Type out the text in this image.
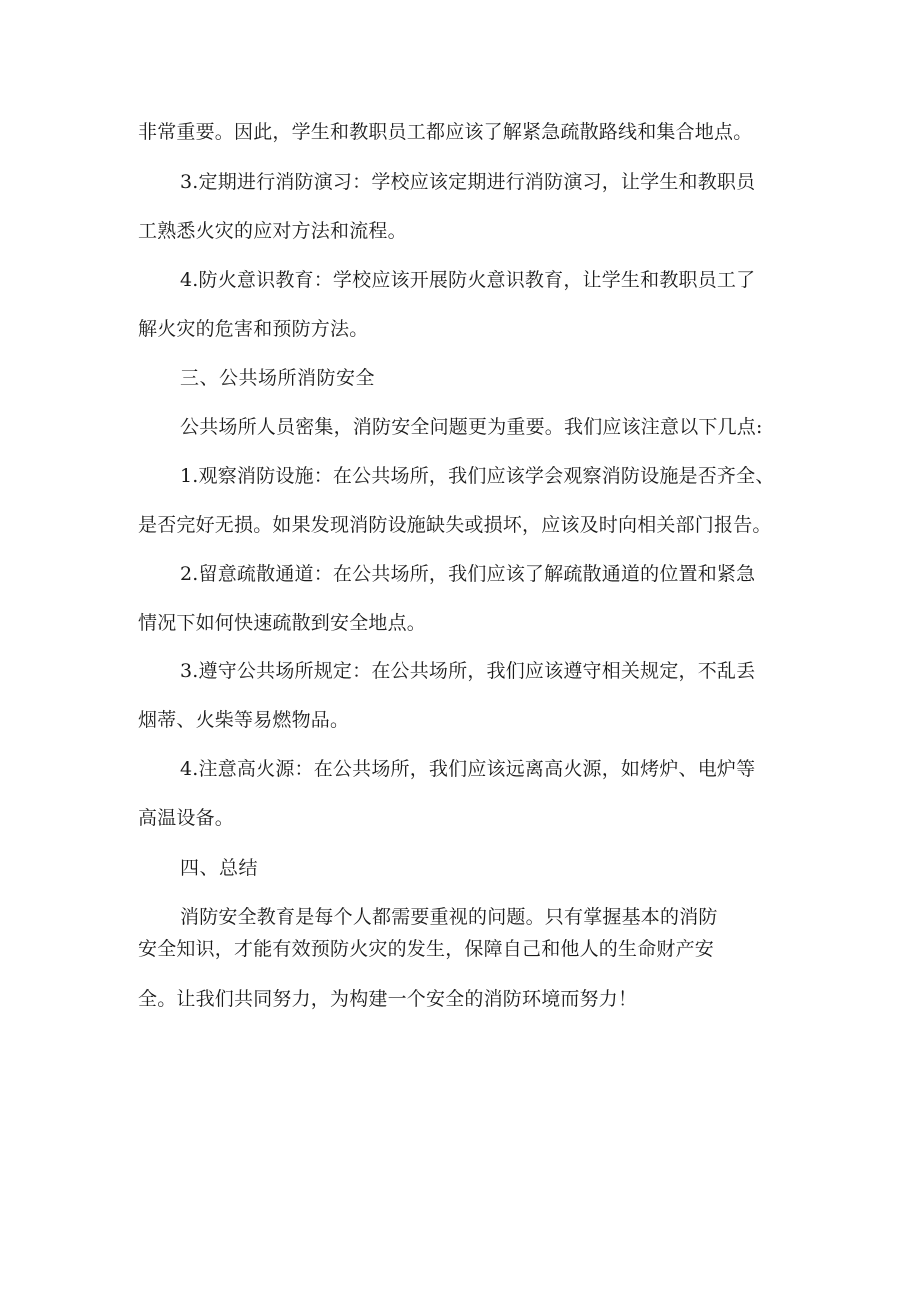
非常重要。因此，学生和教职员工都应该了解紧急疏散路线和集合地点。
3.定期进行消防演习：学校应该定期进行消防演习，让学生和教职员
工熟悉火灾的应对方法和流程。
4.防火意识教育：学校应该开展防火意识教育，让学生和教职员工了
解火灾的危害和预防方法。
三、公共场所消防安全
公共场所人员密集，消防安全问题更为重要。我们应该注意以下几点:
1.观察消防设施：在公共场所，我们应该学会观察消防设施是否齐全、
是否完好无损。如果发现消防设施缺失或损坏，应该及时向相关部门报告。
2.留意疏散通道：在公共场所，我们应该了解疏散通道的位置和紧急
情况下如何快速疏散到安全地点。
3.遵守公共场所规定：在公共场所，我们应该遵守相关规定，不乱丢
烟蒂、火柴等易燃物品。
4.注意高火源：在公共场所，我们应该远离高火源，如烤炉、电炉等
高温设备。
四、总结
消防安全教育是每个人都需要重视的问题。只有掌握基本的消防
安全知识，才能有效预防火灾的发生，保障自己和他人的生命财产安
全。让我们共同努力，为构建一个安全的消防环境而努力！
